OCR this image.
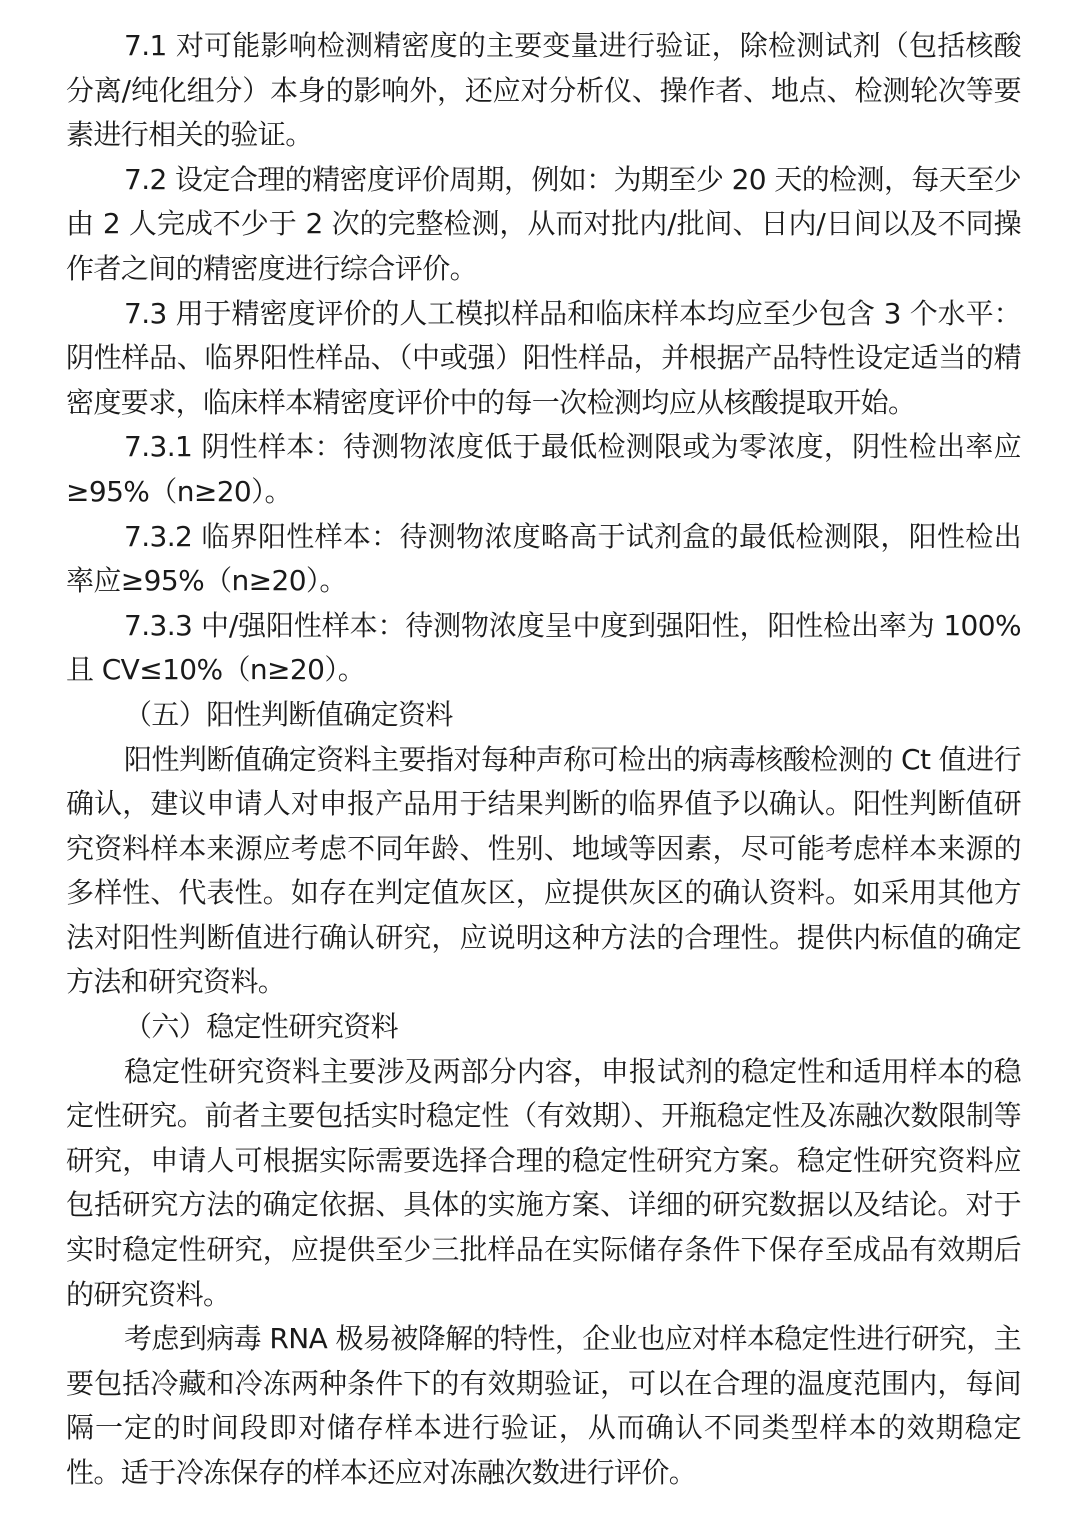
7.1 对可能影响检测精密度的主要变量进行验证，除检测试剂（包括核酸分离/纯化组分）本身的影响外，还应对分析仪、操作者、地点、检测轮次等要素进行相关的验证。

7.2 设定合理的精密度评价周期，例如：为期至少 20 天的检测，每天至少由 2 人完成不少于 2 次的完整检测，从而对批内/批间、日内/日间以及不同操作者之间的精密度进行综合评价。

7.3 用于精密度评价的人工模拟样品和临床样本均应至少包含 3 个水平：阴性样品、临界阳性样品、（中或强）阳性样品，并根据产品特性设定适当的精密度要求，临床样本精密度评价中的每一次检测均应从核酸提取开始。

7.3.1 阴性样本：待测物浓度低于最低检测限或为零浓度，阴性检出率应≥95%（n≥20）。

7.3.2 临界阳性样本：待测物浓度略高于试剂盒的最低检测限，阳性检出率应≥95%（n≥20）。

7.3.3 中/强阳性样本：待测物浓度呈中度到强阳性，阳性检出率为 100%且 CV≤10%（n≥20）。

（五）阳性判断值确定资料

阳性判断值确定资料主要指对每种声称可检出的病毒核酸检测的 Ct 值进行确认，建议申请人对申报产品用于结果判断的临界值予以确认。阳性判断值研究资料样本来源应考虑不同年龄、性别、地域等因素，尽可能考虑样本来源的多样性、代表性。如存在判定值灰区，应提供灰区的确认资料。如采用其他方法对阳性判断值进行确认研究，应说明这种方法的合理性。提供内标值的确定方法和研究资料。

（六）稳定性研究资料

稳定性研究资料主要涉及两部分内容，申报试剂的稳定性和适用样本的稳定性研究。前者主要包括实时稳定性（有效期）、开瓶稳定性及冻融次数限制等研究，申请人可根据实际需要选择合理的稳定性研究方案。稳定性研究资料应包括研究方法的确定依据、具体的实施方案、详细的研究数据以及结论。对于实时稳定性研究，应提供至少三批样品在实际储存条件下保存至成品有效期后的研究资料。

考虑到病毒 RNA 极易被降解的特性，企业也应对样本稳定性进行研究，主要包括冷藏和冷冻两种条件下的有效期验证，可以在合理的温度范围内，每间隔一定的时间段即对储存样本进行验证，从而确认不同类型样本的效期稳定性。适于冷冻保存的样本还应对冻融次数进行评价。
